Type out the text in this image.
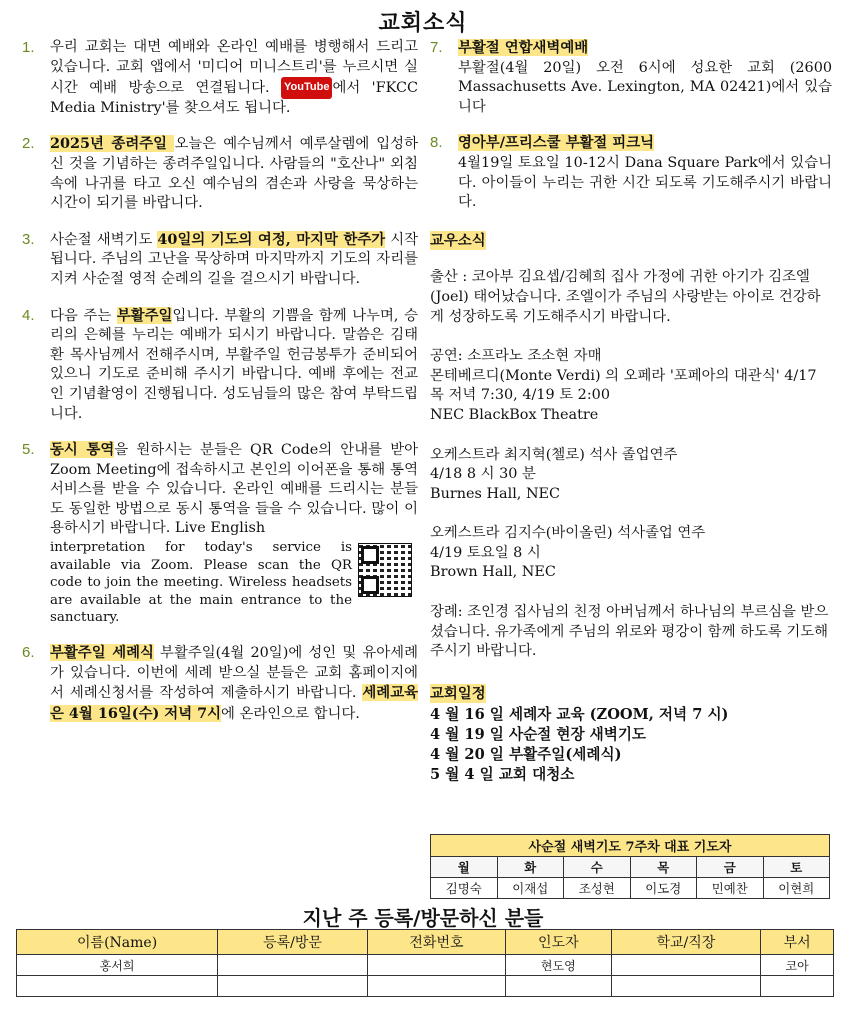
교회소식
1.	우리 교회는 대면 예배와 온라인 예배를 병행해서 드리고 있습니다. 교회 앱에서 '미디어 미니스트리'를 누르시면 실시간 예배 방송으로 연결됩니다. YouTube 에서 'FKCC Media Ministry'를 찾으셔도 됩니다.
2.	2025년 종려주일 오늘은 예수님께서 예루살렘에 입성하신 것을 기념하는 종려주일입니다. 사람들의 "호산나" 외침 속에 나귀를 타고 오신 예수님의 겸손과 사랑을 묵상하는 시간이 되기를 바랍니다.
3.	사순절 새벽기도 40일의 기도의 여정, 마지막 한주가 시작됩니다. 주님의 고난을 묵상하며 마지막까지 기도의 자리를 지켜 사순절 영적 순례의 길을 걸으시기 바랍니다.
4.	다음 주는 부활주일입니다. 부활의 기쁨을 함께 나누며, 승리의 은혜를 누리는 예배가 되시기 바랍니다. 말씀은 김태환 목사님께서 전해주시며, 부활주일 헌금봉투가 준비되어 있으니 기도로 준비해 주시기 바랍니다. 예배 후에는 전교인 기념촬영이 진행됩니다. 성도님들의 많은 참여 부탁드립니다.
5.	동시 통역을 원하시는 분들은 QR Code의 안내를 받아 Zoom Meeting에 접속하시고 본인의 이어폰을 통해 통역 서비스를 받을 수 있습니다. 온라인 예배를 드리시는 분들도 동일한 방법으로 동시 통역을 들을 수 있습니다. 많이 이용하시기 바랍니다. Live English
interpretation for today's service is available via Zoom. Please scan the QR code to join the meeting. Wireless headsets are available at the main entrance to the sanctuary.
6.	부활주일 세례식 부활주일(4월 20일)에 성인 및 유아세례가 있습니다. 이번에 세례 받으실 분들은 교회 홈페이지에서 세례신청서를 작성하여 제출하시기 바랍니다. 세례교육은 4월 16일(수) 저녁 7시에 온라인으로 합니다.
7.	부활절 연합새벽예배
부활절(4월 20일) 오전 6시에 성요한 교회 (2600 Massachusetts Ave. Lexington, MA 02421)에서 있습니다
8.	영아부/프리스쿨 부활절 피크닉
4월19일 토요일 10-12시 Dana Square Park에서 있습니다. 아이들이 누리는 귀한 시간 되도록 기도해주시기 바랍니다.
교우소식
출산 : 코아부 김요셉/김혜희 집사 가정에 귀한 아기가 김조엘(Joel) 태어났습니다. 조엘이가 주님의 사랑받는 아이로 건강하게 성장하도록 기도해주시기 바랍니다.
공연: 소프라노 조소현 자매
몬테베르디(Monte Verdi) 의 오페라 '포페아의 대관식' 4/17 목 저녁 7:30, 4/19 토 2:00
NEC BlackBox Theatre
오케스트라 최지혁(첼로) 석사 졸업연주
4/18 8 시 30 분
Burnes Hall, NEC
오케스트라 김지수(바이올린) 석사졸업 연주
4/19 토요일 8 시
Brown Hall, NEC
장례: 조인경 집사님의 친정 아버님께서 하나님의 부르심을 받으셨습니다. 유가족에게 주님의 위로와 평강이 함께 하도록 기도해주시기 바랍니다.
교회일정
4 월 16 일 세례자 교육 (ZOOM, 저녁 7 시)
4 월 19 일 사순절 현장 새벽기도
4 월 20 일 부활주일(세례식)
5 월 4 일 교회 대청소
사순절 새벽기도 7주차 대표 기도자					
월	화	수	목	금	토
김명숙	이재섭	조성현	이도경	민예찬	이현희
지난 주 등록/방문하신 분들
이름(Name)	등록/방문	전화번호	인도자	학교/직장	부서
홍서희			현도영		코아
